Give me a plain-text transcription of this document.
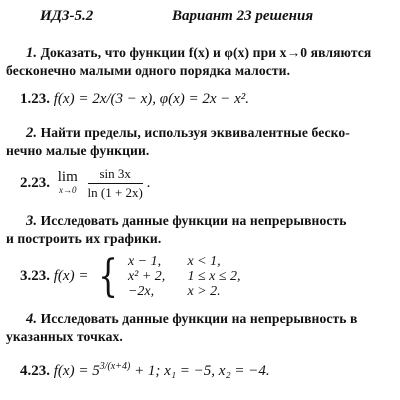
ИДЗ-5.2	Вариант 23 решения
1. Доказать, что функции f(x) и φ(x) при x→0 являются
бесконечно малыми одного порядка малости.
1.23. f(x) = 2x/(3 − x), φ(x) = 2x − x².
2. Найти пределы, используя эквивалентные беско-
нечно малые функции.
2.23. lim
$x\to 0 \frac{\sin 3x}{\ln (1 + 2x)}$ .
3. Исследовать данные функции на непрерывность
и построить их графики.
3.23. f(x) = { x − 1, x < 1,
x² + 2, 1 ≤ x ≤ 2,
−2x, x > 2.
4. Исследовать данные функции на непрерывность в
указанных точках.
4.23. $f(x) = 5^{3/(x+4)} + 1$; x₁ = −5, x₂ = −4.
